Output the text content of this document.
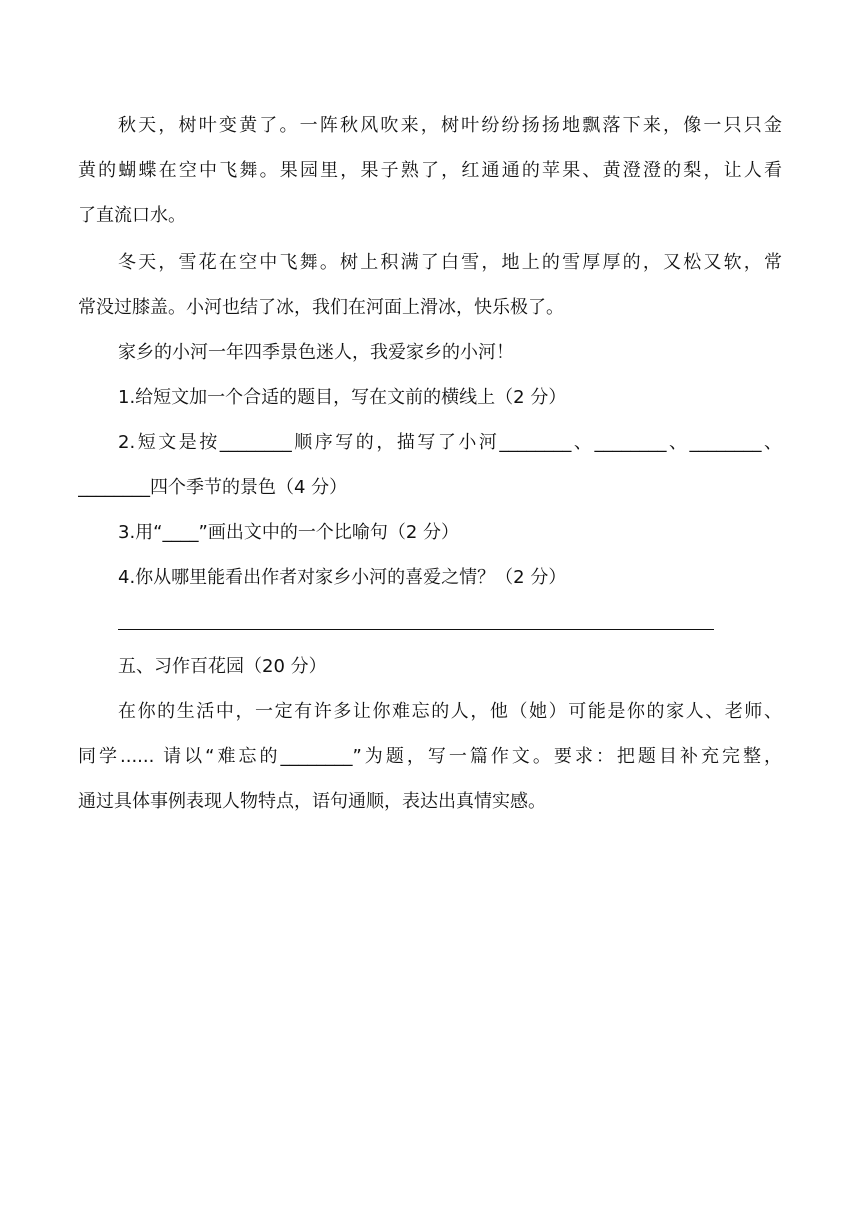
秋天，树叶变黄了。一阵秋风吹来，树叶纷纷扬扬地飘落下来，像一只只金
黄的蝴蝶在空中飞舞。果园里，果子熟了，红通通的苹果、黄澄澄的梨，让人看
了直流口水。
冬天，雪花在空中飞舞。树上积满了白雪，地上的雪厚厚的，又松又软，常
常没过膝盖。小河也结了冰，我们在河面上滑冰，快乐极了。
家乡的小河一年四季景色迷人，我爱家乡的小河！
1.给短文加一个合适的题目，写在文前的横线上（2 分）
2.短文是按________顺序写的，描写了小河________、________、________、
________四个季节的景色（4 分）
3.用“____”画出文中的一个比喻句（2 分）
4.你从哪里能看出作者对家乡小河的喜爱之情？（2 分）
五、习作百花园（20 分）
在你的生活中，一定有许多让你难忘的人，他（她）可能是你的家人、老师、
同学...... 请以“难忘的________”为题，写一篇作文。要求：把题目补充完整，
通过具体事例表现人物特点，语句通顺，表达出真情实感。
